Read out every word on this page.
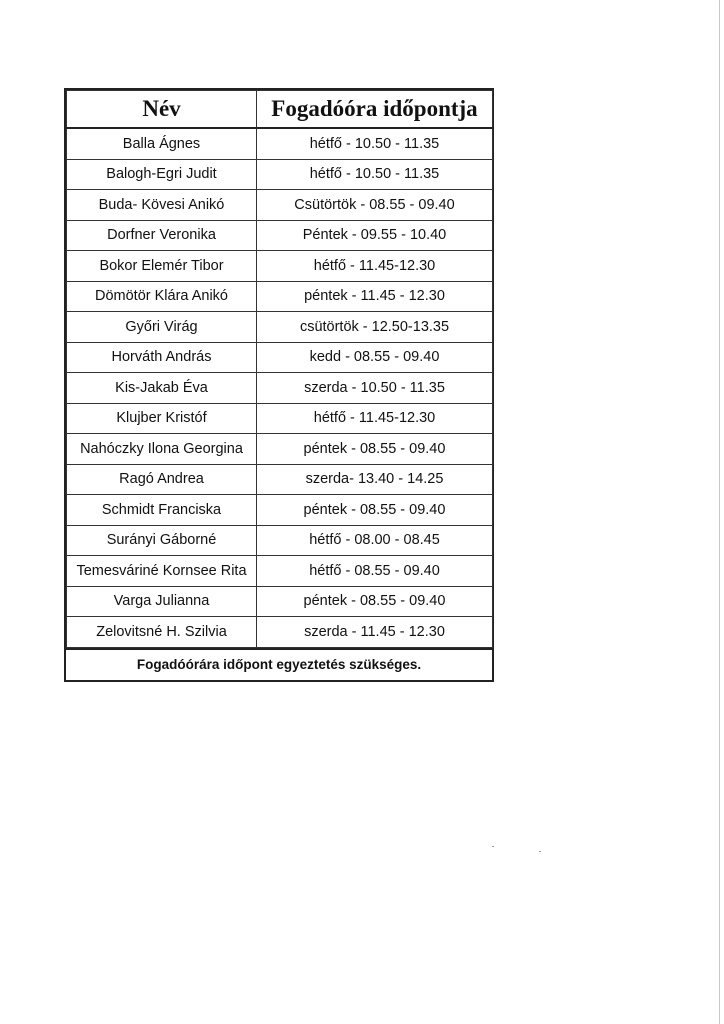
Név	Fogadóóra időpontja
Balla Ágnes	hétfő - 10.50 - 11.35
Balogh-Egri Judit	hétfő - 10.50 - 11.35
Buda- Kövesi Anikó	Csütörtök - 08.55 - 09.40
Dorfner Veronika	Péntek - 09.55 - 10.40
Bokor Elemér Tibor	hétfő - 11.45-12.30
Dömötör Klára Anikó	péntek - 11.45 - 12.30
Győri Virág	csütörtök - 12.50-13.35
Horváth András	kedd - 08.55 - 09.40
Kis-Jakab Éva	szerda - 10.50 - 11.35
Klujber Kristóf	hétfő - 11.45-12.30
Nahóczky Ilona Georgina	péntek - 08.55 - 09.40
Ragó Andrea	szerda- 13.40 - 14.25
Schmidt Franciska	péntek - 08.55 - 09.40
Surányi Gáborné	hétfő - 08.00 - 08.45
Temesváriné Kornsee Rita	hétfő - 08.55 - 09.40
Varga Julianna	péntek - 08.55 - 09.40
Zelovitsné H. Szilvia	szerda - 11.45 - 12.30
Fogadóórára időpont egyeztetés szükséges.
